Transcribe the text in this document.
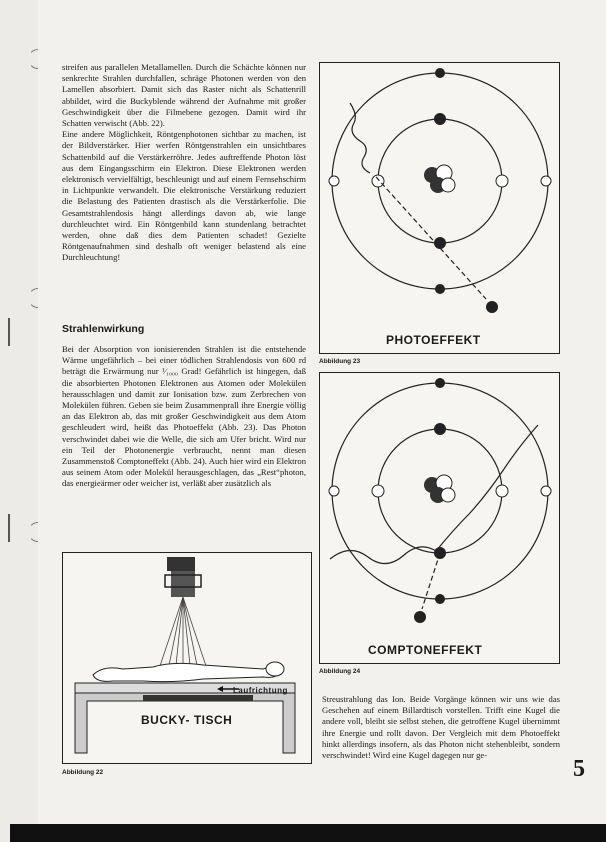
streifen aus parallelen Metallamellen. Durch die Schächte können nur senkrechte Strahlen durchfallen, schräge Photonen werden von den Lamellen absorbiert. Damit sich das Raster nicht als Schattenrill abbildet, wird die Buckyblende während der Aufnahme mit großer Geschwindigkeit über die Filmebene gezogen. Damit wird ihr Schatten verwischt (Abb. 22).

Eine andere Möglichkeit, Röntgenphotonen sichtbar zu machen, ist der Bildverstärker. Hier werfen Röntgenstrahlen ein unsichtbares Schattenbild auf die Verstärkerröhre. Jedes auftreffende Photon löst aus dem Eingangsschirm ein Elektron. Diese Elektronen werden elektronisch vervielfältigt, beschleunigt und auf einem Fernsehschirm in Lichtpunkte verwandelt. Die elektronische Verstärkung reduziert die Belastung des Patienten drastisch als die Verstärkerfolie. Die Gesamtstrahlendosis hängt allerdings davon ab, wie lange durchleuchtet wird. Ein Röntgenbild kann stundenlang betrachtet werden, ohne daß dies dem Patienten schadet! Gezielte Röntgenaufnahmen sind deshalb oft weniger belastend als eine Durchleuchtung!

Strahlenwirkung

Bei der Absorption von ionisierenden Strahlen ist die entstehende Wärme ungefährlich – bei einer tödlichen Strahlendosis von 600 rd beträgt die Erwärmung nur ¹⁄₁₀₀₀ Grad! Gefährlich ist hingegen, daß die absorbierten Photonen Elektronen aus Atomen oder Molekülen herausschlagen und damit zur Ionisation bzw. zum Zerbrechen von Molekülen führen. Geben sie beim Zusammenprall ihre Energie völlig an das Elektron ab, das mit großer Geschwindigkeit aus dem Atom geschleudert wird, heißt das Photoeffekt (Abb. 23). Das Photon verschwindet dabei wie die Welle, die sich am Ufer bricht. Wird nur ein Teil der Photonenergie verbraucht, nennt man diesen Zusammenstoß Comptoneffekt (Abb. 24). Auch hier wird ein Elektron aus seinem Atom oder Molekül herausgeschlagen, das „Rest“photon, das energieärmer oder weicher ist, verläßt aber zusätzlich als

Laufrichtung
BUCKY- TISCH
Abbildung 22
PHOTOEFFEKT
Abbildung 23
COMPTONEFFEKT
Abbildung 24
Streustrahlung das Ion. Beide Vorgänge können wir uns wie das Geschehen auf einem Billardtisch vorstellen. Trifft eine Kugel die andere voll, bleibt sie selbst stehen, die getroffene Kugel übernimmt ihre Energie und rollt davon. Der Vergleich mit dem Photoeffekt hinkt allerdings insofern, als das Photon nicht stehenbleibt, sondern verschwindet! Wird eine Kugel dagegen nur ge-
5
